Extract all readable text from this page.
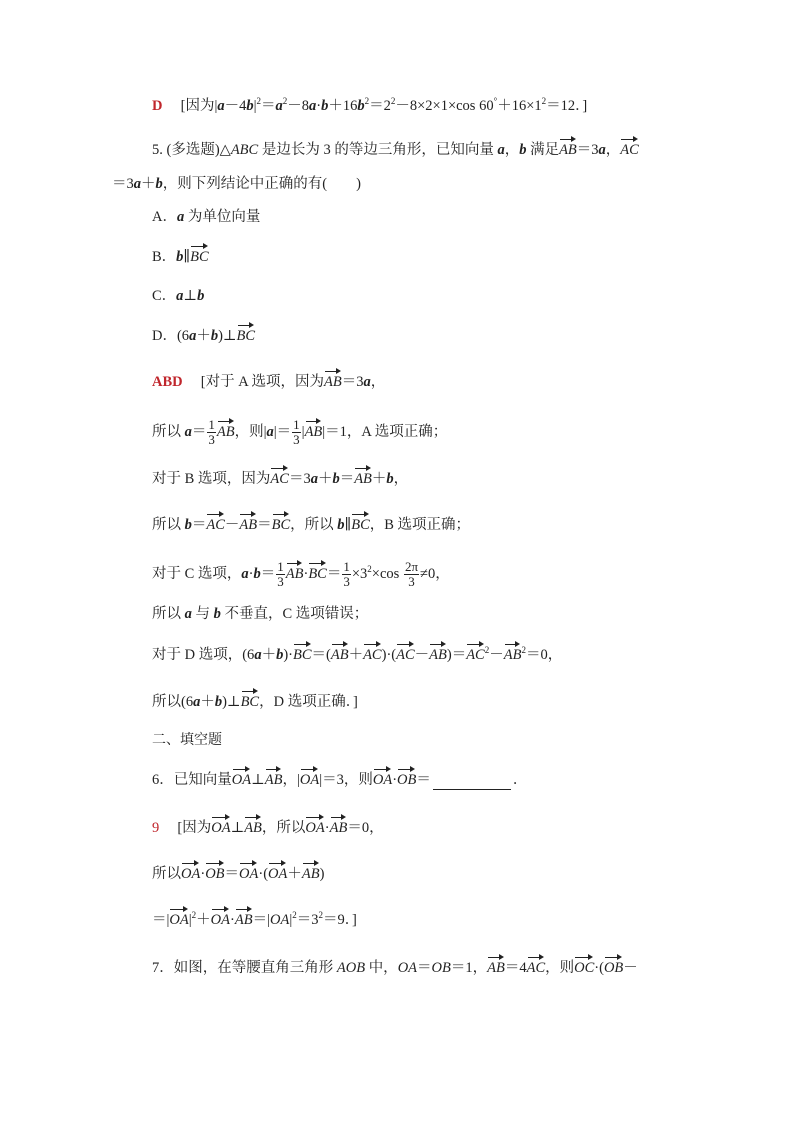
D 　[因为$|a-4b|^2=a^2-8a\cdot b+16b^2=2^2-8\times 2\times 1\times\cos$ $60^\circ+16\times 1^2=12$．]
5. (多选题)△ABC 是边长为 3 的等边三角形，已知向量 a，b 满足AB＝3a，AC
＝3a＋b，则下列结论中正确的有(　　)
A．a 为单位向量
B．b∥BC
C．a⊥b
D．(6a＋b)⊥BC
ABD 　[对于 A 选项，因为AB＝3a，
所以 $a= \frac{1}{3}$ AB，则$|a|= \frac{1}{3} |AB|=1$，A 选项正确；
对于 B 选项，因为AC＝3a＋b＝AB＋b，
所以 b＝AC－AB＝BC，所以 b∥BC，B 选项正确；
对于 C 选项，$a\cdot b= \frac{1}{3} AB\cdot BC= \frac{1}{3} \times 3^2\times\cos \frac{2\pi}{3} \ne 0$，
所以 a 与 b 不垂直，C 选项错误；
对于 D 选项，$(6a+b)\cdot BC=(AB+AC)\cdot(AC-AB)=AC^2-AB^2=0$，
所以(6a＋b)⊥BC，D 选项正确．]
二、填空题
6．已知向量OA⊥AB，|OA|＝3，则OA·OB＝	．
9 　[因为OA⊥AB，所以OA·AB＝0，
所以OA·OB＝OA·(OA＋AB)
$=|OA|^2+OA\cdot AB=|OA|^2=3^2=9$．]
7．如图，在等腰直角三角形 AOB 中，OA＝OB＝1，AB＝4AC，则OC·(OB－
